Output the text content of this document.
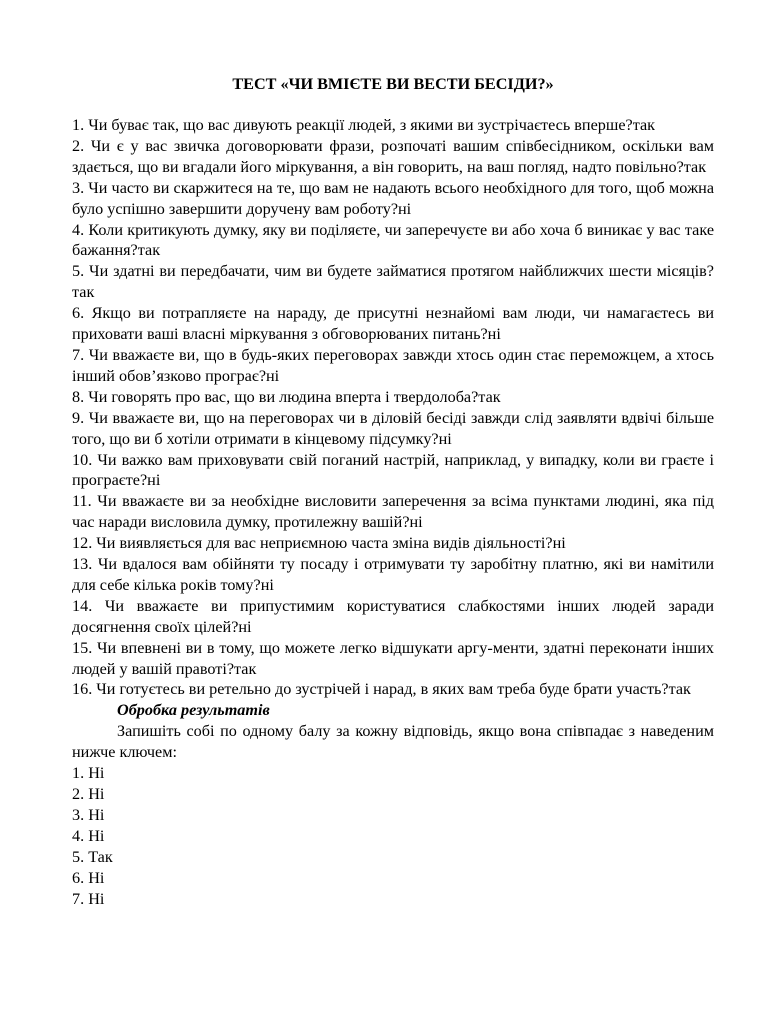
ТЕСТ «ЧИ ВМІЄТЕ ВИ ВЕСТИ БЕСІДИ?»
1. Чи буває так, що вас дивують реакції людей, з якими ви зустрічаєтесь вперше?так
2. Чи є у вас звичка договорювати фрази, розпочаті вашим співбесідником, оскільки вам здається, що ви вгадали його міркування, а він говорить, на ваш погляд, надто повільно?так
3. Чи часто ви скаржитеся на те, що вам не надають всього необхідного для того, щоб можна було успішно завершити доручену вам роботу?ні
4. Коли критикують думку, яку ви поділяєте, чи заперечуєте ви або хоча б виникає у вас таке бажання?так
5. Чи здатні ви передбачати, чим ви будете займатися протягом найближчих шести місяців?так
6. Якщо ви потрапляєте на нараду, де присутні незнайомі вам люди, чи намагаєтесь ви приховати ваші власні міркування з обговорюваних питань?ні
7. Чи вважаєте ви, що в будь-яких переговорах завжди хтось один стає переможцем, а хтось інший обов’язково програє?ні
8. Чи говорять про вас, що ви людина вперта і твердолоба?так
9. Чи вважаєте ви, що на переговорах чи в діловій бесіді завжди слід заявляти вдвічі більше того, що ви б хотіли отримати в кінцевому підсумку?ні
10. Чи важко вам приховувати свій поганий настрій, наприклад, у випадку, коли ви граєте і програєте?ні
11. Чи вважаєте ви за необхідне висловити заперечення за всіма пунктами людині, яка під час наради висловила думку, протилежну вашій?ні
12. Чи виявляється для вас неприємною часта зміна видів діяльності?ні
13. Чи вдалося вам обійняти ту посаду і отримувати ту заробітну платню, які ви намітили для себе кілька років тому?ні
14. Чи вважаєте ви припустимим користуватися слабкостями інших людей заради досягнення своїх цілей?ні
15. Чи впевнені ви в тому, що можете легко відшукати аргу-менти, здатні переконати інших людей у вашій правоті?так
16. Чи готуєтесь ви ретельно до зустрічей і нарад, в яких вам треба буде брати участь?так
Обробка результатів
Запишіть собі по одному балу за кожну відповідь, якщо вона співпадає з наведеним нижче ключем:
1. Ні
2. Ні
3. Ні
4. Ні
5. Так
6. Ні
7. Ні
